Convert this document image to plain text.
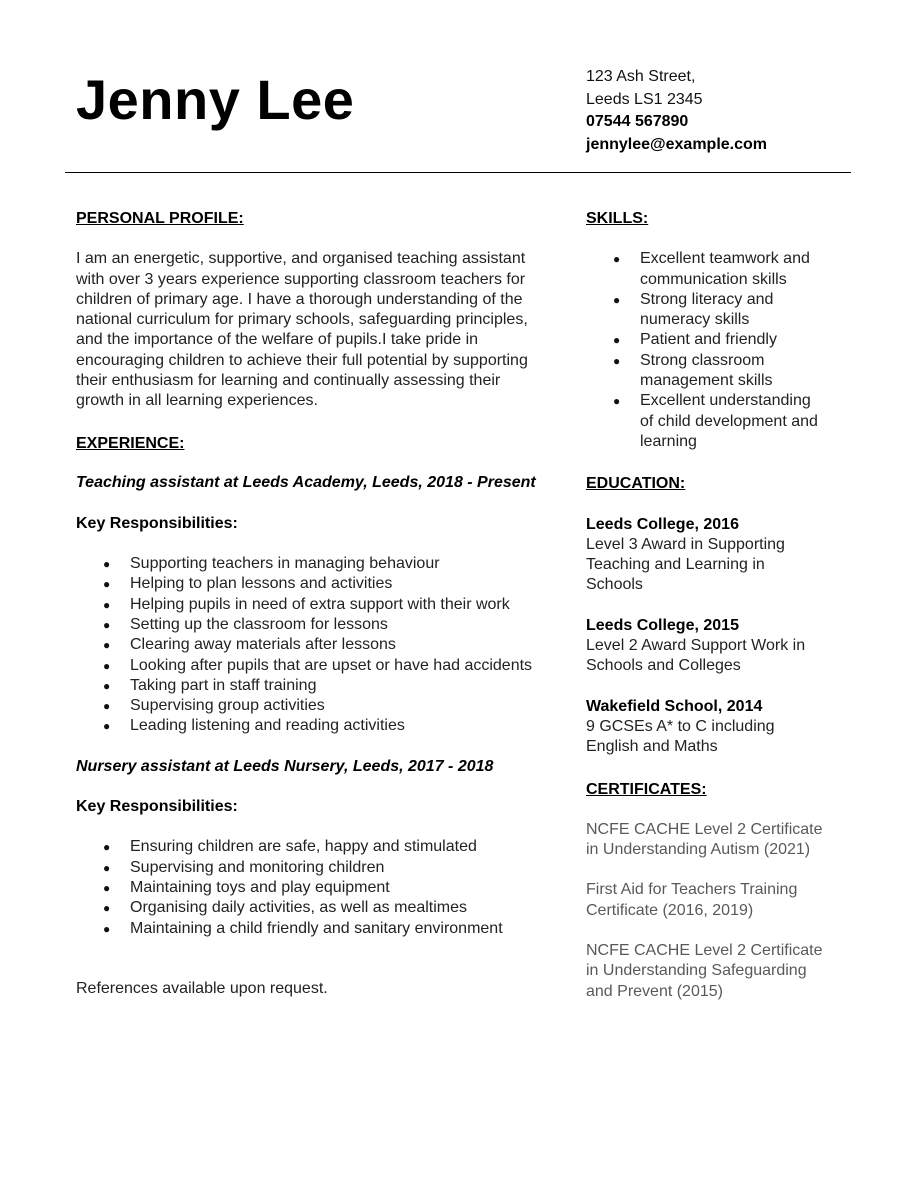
Jenny Lee	123 Ash Street,
Leeds LS1 2345
07544 567890
jennylee@example.com

PERSONAL PROFILE:

I am an energetic, supportive, and organised teaching assistant with over 3 years experience supporting classroom teachers for children of primary age. I have a thorough understanding of the national curriculum for primary schools, safeguarding principles, and the importance of the welfare of pupils.I take pride in encouraging children to achieve their full potential by supporting their enthusiasm for learning and continually assessing their growth in all learning experiences.

EXPERIENCE:

Teaching assistant at Leeds Academy, Leeds, 2018 - Present

Key Responsibilities:

● Supporting teachers in managing behaviour
● Helping to plan lessons and activities
● Helping pupils in need of extra support with their work
● Setting up the classroom for lessons
● Clearing away materials after lessons
● Looking after pupils that are upset or have had accidents
● Taking part in staff training
● Supervising group activities
● Leading listening and reading activities

Nursery assistant at Leeds Nursery, Leeds, 2017 - 2018

Key Responsibilities:

● Ensuring children are safe, happy and stimulated
● Supervising and monitoring children
● Maintaining toys and play equipment
● Organising daily activities, as well as mealtimes
● Maintaining a child friendly and sanitary environment

References available upon request.

SKILLS:

● Excellent teamwork and communication skills
● Strong literacy and numeracy skills
● Patient and friendly
● Strong classroom management skills
● Excellent understanding of child development and learning

EDUCATION:

Leeds College, 2016

Level 3 Award in Supporting Teaching and Learning in Schools

Leeds College, 2015

Level 2 Award Support Work in Schools and Colleges

Wakefield School, 2014

9 GCSEs A* to C including English and Maths

CERTIFICATES:

NCFE CACHE Level 2 Certificate in Understanding Autism (2021)

First Aid for Teachers Training Certificate (2016, 2019)

NCFE CACHE Level 2 Certificate in Understanding Safeguarding and Prevent (2015)
